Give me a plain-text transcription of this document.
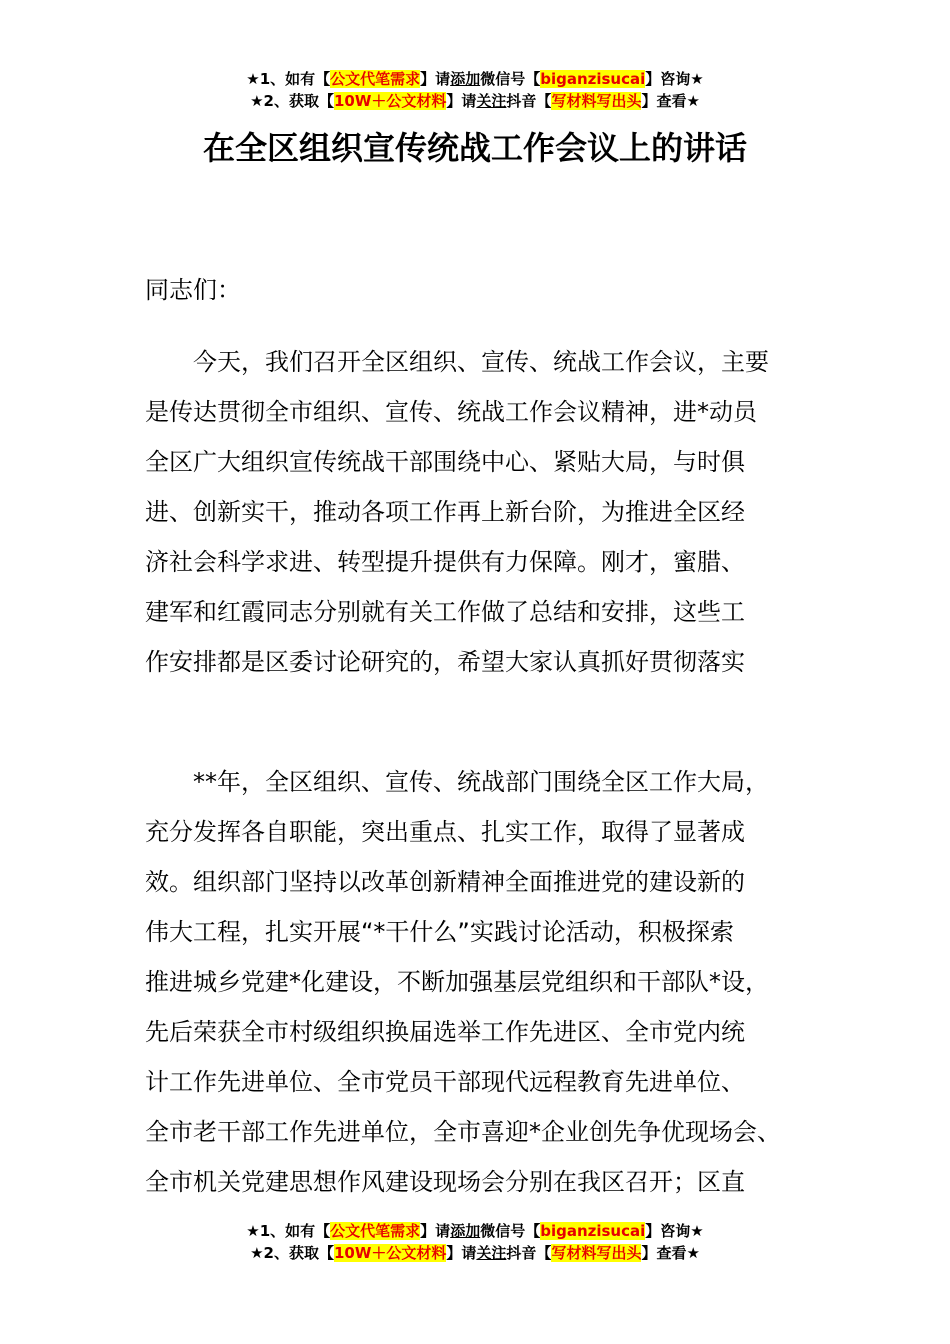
★1、如有【公文代笔需求】请添加微信号【biganzisucai】咨询★
★2、获取【10W＋公文材料】请关注抖音【写材料写出头】查看★
在全区组织宣传统战工作会议上的讲话
同志们：
　　今天，我们召开全区组织、宣传、统战工作会议，主要
是传达贯彻全市组织、宣传、统战工作会议精神，进*动员
全区广大组织宣传统战干部围绕中心、紧贴大局，与时俱
进、创新实干，推动各项工作再上新台阶，为推进全区经
济社会科学求进、转型提升提供有力保障。刚才，蜜腊、
建军和红霞同志分别就有关工作做了总结和安排，这些工
作安排都是区委讨论研究的，希望大家认真抓好贯彻落实
　　**年，全区组织、宣传、统战部门围绕全区工作大局，
充分发挥各自职能，突出重点、扎实工作，取得了显著成
效。组织部门坚持以改革创新精神全面推进党的建设新的
伟大工程，扎实开展“*干什么”实践讨论活动，积极探索
推进城乡党建*化建设，不断加强基层党组织和干部队*设，
先后荣获全市村级组织换届选举工作先进区、全市党内统
计工作先进单位、全市党员干部现代远程教育先进单位、
全市老干部工作先进单位，全市喜迎*企业创先争优现场会、
全市机关党建思想作风建设现场会分别在我区召开；区直
★1、如有【公文代笔需求】请添加微信号【biganzisucai】咨询★
★2、获取【10W＋公文材料】请关注抖音【写材料写出头】查看★
